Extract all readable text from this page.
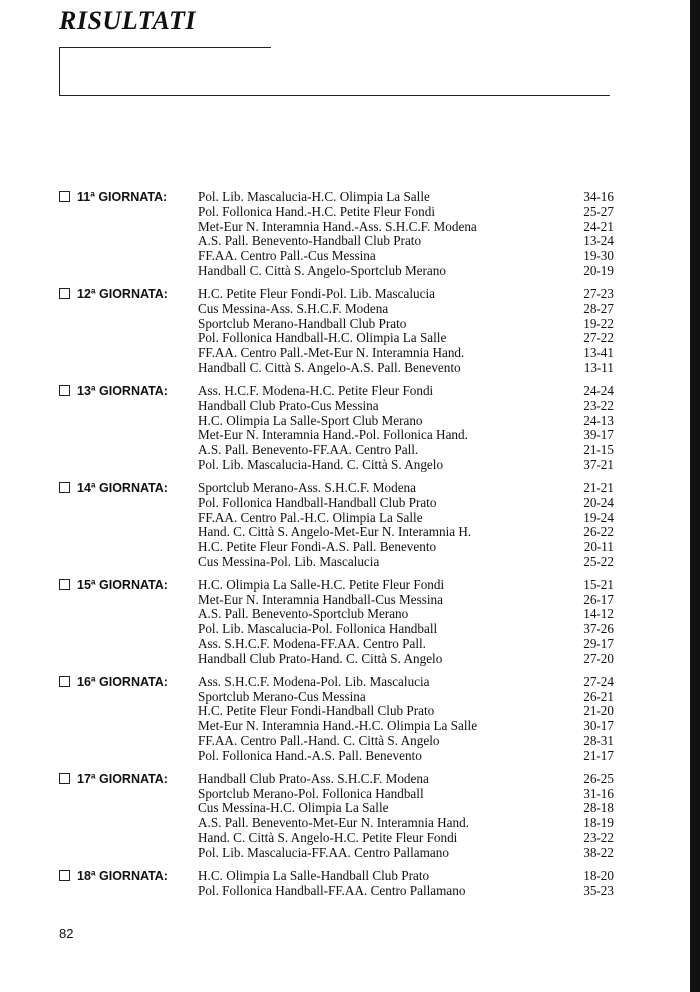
RISULTATI
11ª GIORNATA:	Pol. Lib. Mascalucia-H.C. Olimpia La Salle	34-16
Pol. Follonica Hand.-H.C. Petite Fleur Fondi	25-27
Met-Eur N. Interamnia Hand.-Ass. S.H.C.F. Modena	24-21
A.S. Pall. Benevento-Handball Club Prato	13-24
FF.AA. Centro Pall.-Cus Messina	19-30
Handball C. Città S. Angelo-Sportclub Merano	20-19
12ª GIORNATA:	H.C. Petite Fleur Fondi-Pol. Lib. Mascalucia	27-23
Cus Messina-Ass. S.H.C.F. Modena	28-27
Sportclub Merano-Handball Club Prato	19-22
Pol. Follonica Handball-H.C. Olimpia La Salle	27-22
FF.AA. Centro Pall.-Met-Eur N. Interamnia Hand.	13-41
Handball C. Città S. Angelo-A.S. Pall. Benevento	13-11
13ª GIORNATA:	Ass. H.C.F. Modena-H.C. Petite Fleur Fondi	24-24
Handball Club Prato-Cus Messina	23-22
H.C. Olimpia La Salle-Sport Club Merano	24-13
Met-Eur N. Interamnia Hand.-Pol. Follonica Hand.	39-17
A.S. Pall. Benevento-FF.AA. Centro Pall.	21-15
Pol. Lib. Mascalucia-Hand. C. Città S. Angelo	37-21
14ª GIORNATA:	Sportclub Merano-Ass. S.H.C.F. Modena	21-21
Pol. Follonica Handball-Handball Club Prato	20-24
FF.AA. Centro Pal.-H.C. Olimpia La Salle	19-24
Hand. C. Città S. Angelo-Met-Eur N. Interamnia H.	26-22
H.C. Petite Fleur Fondi-A.S. Pall. Benevento	20-11
Cus Messina-Pol. Lib. Mascalucia	25-22
15ª GIORNATA:	H.C. Olimpia La Salle-H.C. Petite Fleur Fondi	15-21
Met-Eur N. Interamnia Handball-Cus Messina	26-17
A.S. Pall. Benevento-Sportclub Merano	14-12
Pol. Lib. Mascalucia-Pol. Follonica Handball	37-26
Ass. S.H.C.F. Modena-FF.AA. Centro Pall.	29-17
Handball Club Prato-Hand. C. Città S. Angelo	27-20
16ª GIORNATA:	Ass. S.H.C.F. Modena-Pol. Lib. Mascalucia	27-24
Sportclub Merano-Cus Messina	26-21
H.C. Petite Fleur Fondi-Handball Club Prato	21-20
Met-Eur N. Interamnia Hand.-H.C. Olimpia La Salle	30-17
FF.AA. Centro Pall.-Hand. C. Città S. Angelo	28-31
Pol. Follonica Hand.-A.S. Pall. Benevento	21-17
17ª GIORNATA:	Handball Club Prato-Ass. S.H.C.F. Modena	26-25
Sportclub Merano-Pol. Follonica Handball	31-16
Cus Messina-H.C. Olimpia La Salle	28-18
A.S. Pall. Benevento-Met-Eur N. Interamnia Hand.	18-19
Hand. C. Città S. Angelo-H.C. Petite Fleur Fondi	23-22
Pol. Lib. Mascalucia-FF.AA. Centro Pallamano	38-22
18ª GIORNATA:	H.C. Olimpia La Salle-Handball Club Prato	18-20
Pol. Follonica Handball-FF.AA. Centro Pallamano	35-23
82
